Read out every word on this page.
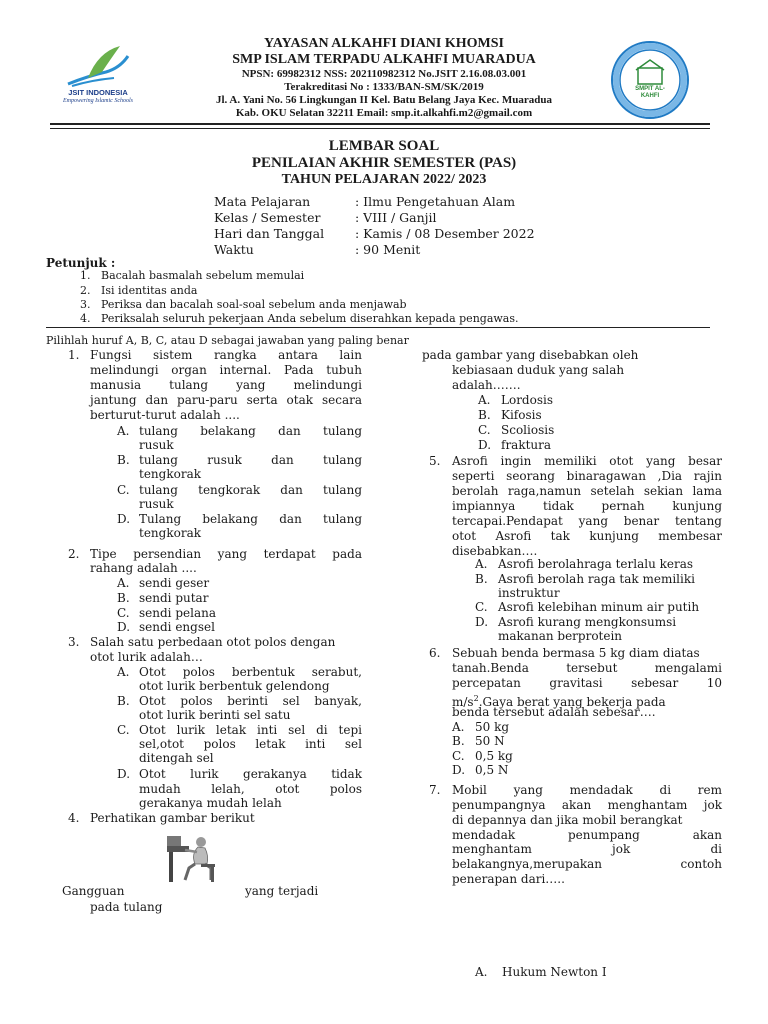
JSIT INDONESIA
Empowering Islamic Schools
SMPIT AL-KAHFI
YAYASAN ALKAHFI DIANI KHOMSI
SMP ISLAM TERPADU ALKAHFI MUARADUA
NPSN: 69982312 NSS: 202110982312 No.JSIT 2.16.08.03.001
Terakreditasi No : 1333/BAN-SM/SK/2019
Jl. A. Yani No. 56 Lingkungan II Kel. Batu Belang Jaya Kec. Muaradua
Kab. OKU Selatan 32211 Email: smp.it.alkahfi.m2@gmail.com
LEMBAR SOAL
PENILAIAN AKHIR SEMESTER (PAS)
TAHUN PELAJARAN 2022/ 2023
Mata Pelajaran	: Ilmu Pengetahuan Alam
Kelas / Semester	: VIII / Ganjil
Hari dan Tanggal : Kamis / 08 Desember 2022
Waktu	: 90 Menit
Petunjuk :
1. Bacalah basmalah sebelum memulai
2. Isi identitas anda
3. Periksa dan bacalah soal-soal sebelum anda menjawab
4. Periksalah seluruh pekerjaan Anda sebelum diserahkan kepada pengawas.
Pilihlah huruf A, B, C, atau D sebagai jawaban yang paling benar
1. Fungsi sistem rangka antara lain
melindungi organ internal. Pada tubuh
manusia tulang yang melindungi
jantung dan paru-paru serta otak secara
berturut-turut adalah ....
A. tulang belakang dan tulang
rusuk
B. tulang rusuk dan tulang
tengkorak
C. tulang tengkorak dan tulang
rusuk
D. Tulang belakang dan tulang
tengkorak
2. Tipe persendian yang terdapat pada
rahang adalah ....
A. sendi geser
B. sendi putar
C. sendi pelana
D. sendi engsel
3. Salah satu perbedaan otot polos dengan
otot lurik adalah…
A. Otot polos berbentuk serabut,
otot lurik berbentuk gelendong
B. Otot polos berinti sel banyak,
otot lurik berinti sel satu
C. Otot lurik letak inti sel di tepi
sel,otot polos letak inti sel
ditengah sel
D. Otot lurik gerakanya tidak
mudah	lelah,	otot	polos
gerakanya mudah lelah
4. Perhatikan gambar berikut
Gangguan	yang terjadi
pada tulang
pada gambar yang disebabkan oleh
kebiasaan duduk yang salah
adalah…….
A. Lordosis
B. Kifosis
C. Scoliosis
D. fraktura
5. Asrofi ingin memiliki otot yang besar
seperti seorang binaragawan ,Dia rajin
berolah raga,namun setelah sekian lama
impiannya tidak pernah kunjung
tercapai.Pendapat yang benar tentang
otot Asrofi tak kunjung membesar
disebabkan….
A. Asrofi berolahraga terlalu keras
B. Asrofi berolah raga tak memiliki
instruktur
C. Asrofi kelebihan minum air putih
D. Asrofi kurang mengkonsumsi
makanan berprotein
6. Sebuah benda bermasa 5 kg diam diatas
tanah.Benda	tersebut	mengalami
percepatan gravitasi sebesar 10
$m/s^2.Gaya$ berat yang bekerja pada
benda tersebut adalah sebesar….
A. 50 kg
B. 50 N
C. 0,5 kg
D. 0,5 N
7. Mobil yang mendadak di rem
penumpangnya akan menghantam jok
di depannya dan jika mobil berangkat
mendadak	penumpang	akan
menghantam	jok	di
belakangnya,merupakan	contoh
penerapan dari…..
A. Hukum Newton I
